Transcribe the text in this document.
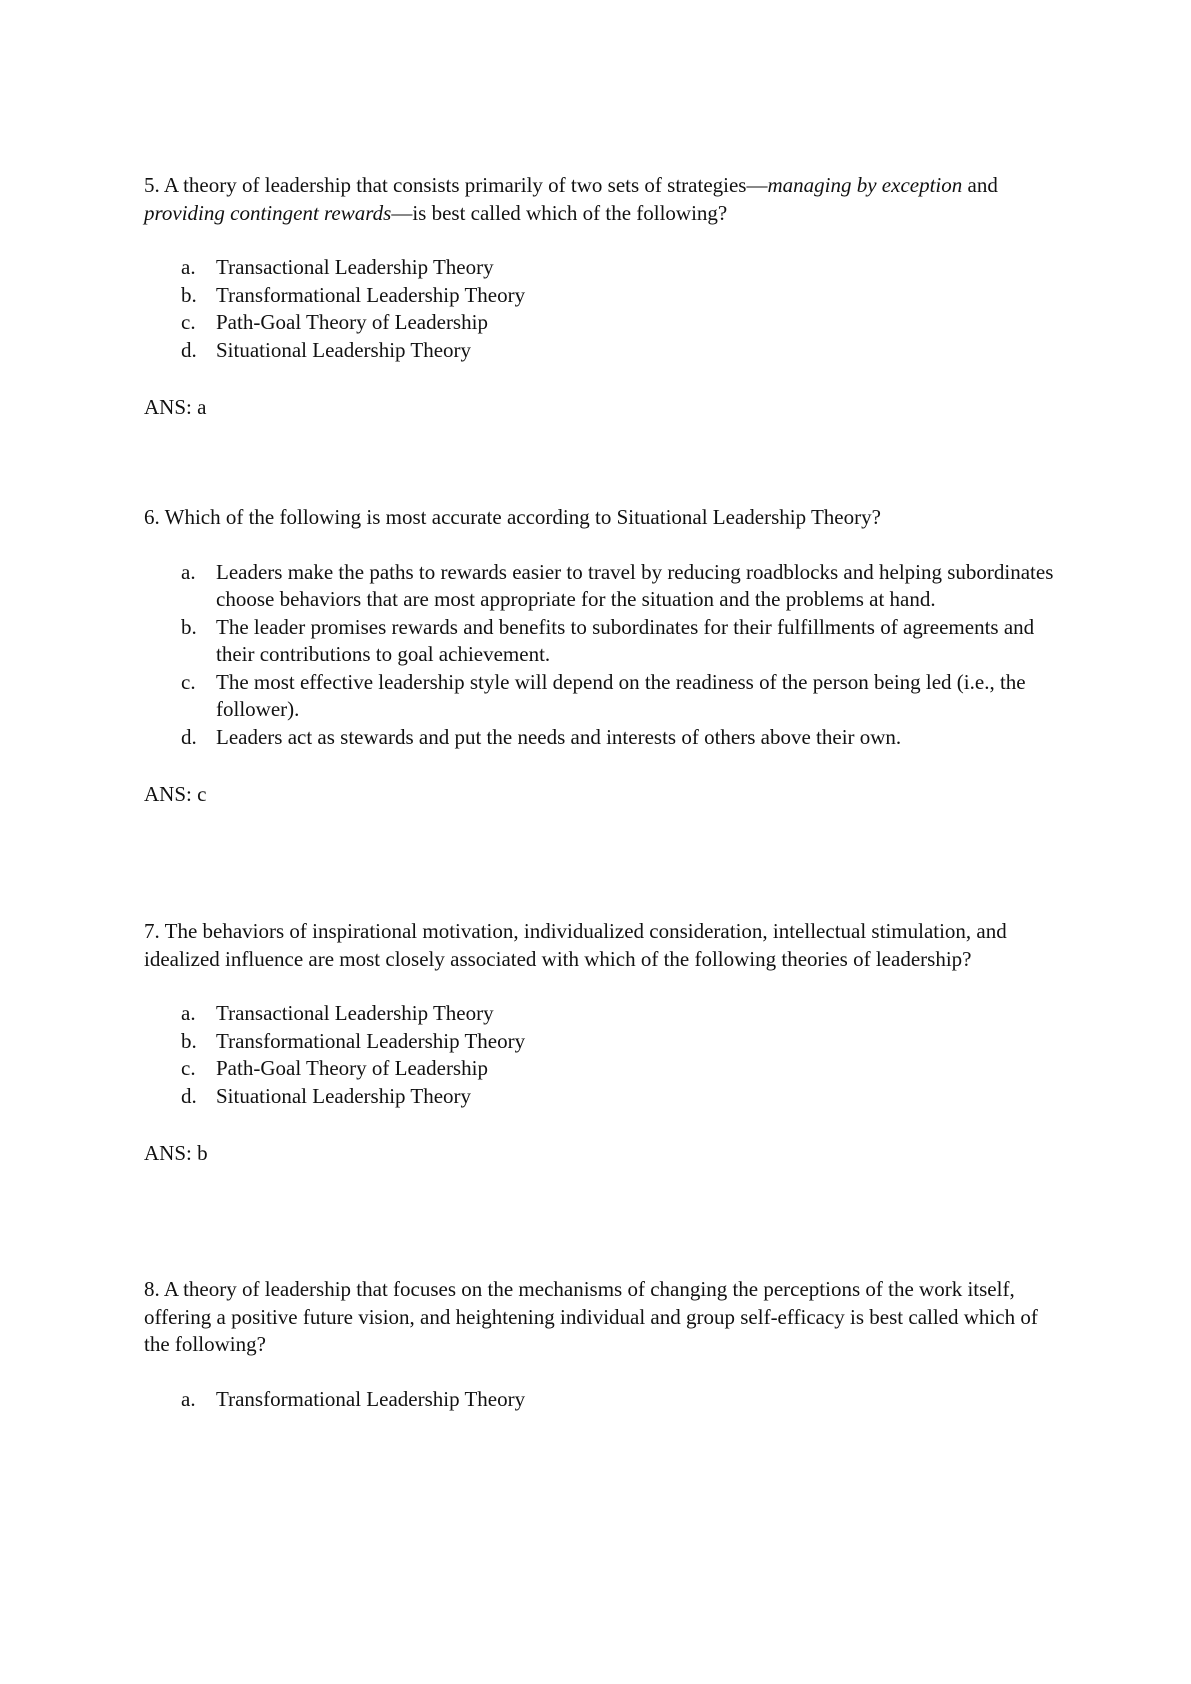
5. A theory of leadership that consists primarily of two sets of strategies—managing by exception and providing contingent rewards—is best called which of the following?

a. Transactional Leadership Theory
b. Transformational Leadership Theory
c. Path-Goal Theory of Leadership
d. Situational Leadership Theory

ANS: a

6. Which of the following is most accurate according to Situational Leadership Theory?

a. Leaders make the paths to rewards easier to travel by reducing roadblocks and helping subordinates choose behaviors that are most appropriate for the situation and the problems at hand.
b. The leader promises rewards and benefits to subordinates for their fulfillments of agreements and their contributions to goal achievement.
c. The most effective leadership style will depend on the readiness of the person being led (i.e., the follower).
d. Leaders act as stewards and put the needs and interests of others above their own.

ANS: c

7. The behaviors of inspirational motivation, individualized consideration, intellectual stimulation, and idealized influence are most closely associated with which of the following theories of leadership?

a. Transactional Leadership Theory
b. Transformational Leadership Theory
c. Path-Goal Theory of Leadership
d. Situational Leadership Theory

ANS: b

8. A theory of leadership that focuses on the mechanisms of changing the perceptions of the work itself, offering a positive future vision, and heightening individual and group self-efficacy is best called which of the following?

a. Transformational Leadership Theory
